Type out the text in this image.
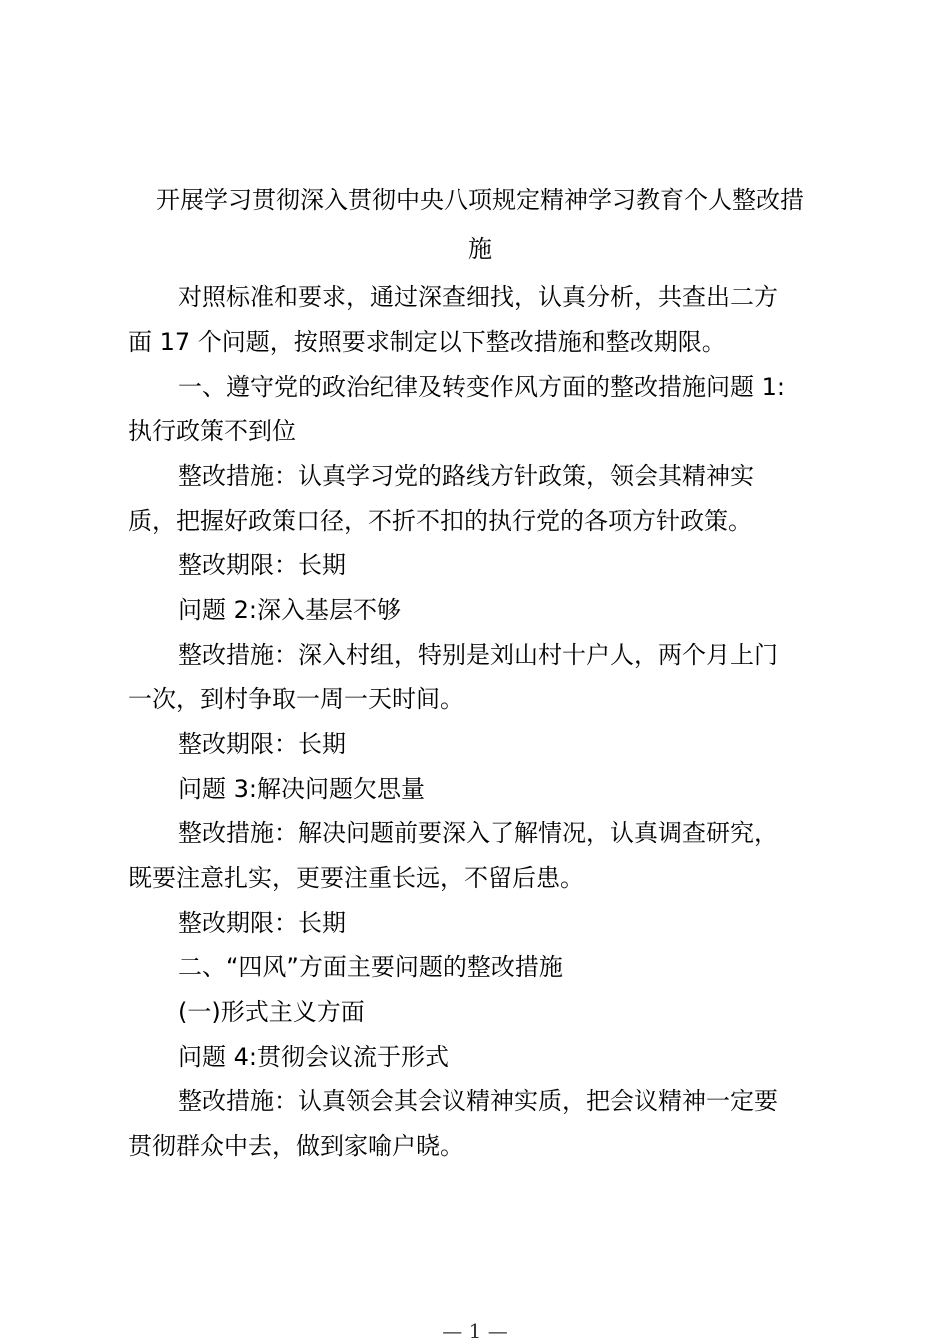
开展学习贯彻深入贯彻中央八项规定精神学习教育个人整改措
施
对照标准和要求，通过深查细找，认真分析，共查出二方
面 17 个问题，按照要求制定以下整改措施和整改期限。
一、遵守党的政治纪律及转变作风方面的整改措施问题 1:
执行政策不到位
整改措施：认真学习党的路线方针政策，领会其精神实
质，把握好政策口径，不折不扣的执行党的各项方针政策。
整改期限：长期
问题 2:深入基层不够
整改措施：深入村组，特别是刘山村十户人，两个月上门
一次，到村争取一周一天时间。
整改期限：长期
问题 3:解决问题欠思量
整改措施：解决问题前要深入了解情况，认真调查研究，
既要注意扎实，更要注重长远，不留后患。
整改期限：长期
二、“四风”方面主要问题的整改措施
(一)形式主义方面
问题 4:贯彻会议流于形式
整改措施：认真领会其会议精神实质，把会议精神一定要
贯彻群众中去，做到家喻户晓。
— 1 —
